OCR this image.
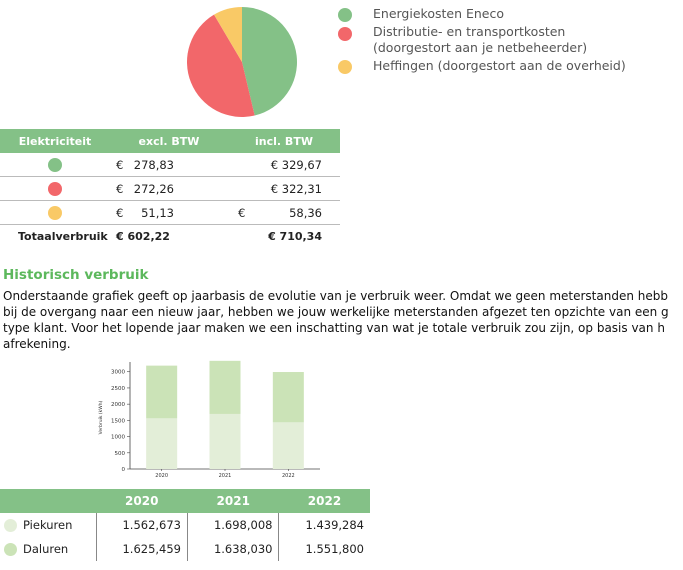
Energiekosten Eneco
Distributie- en transportkosten
(doorgestort aan je netbeheerder)
Heffingen (doorgestort aan de overheid)
Elektriciteit	excl. BTW	incl. BTW
	€ 278,83	€ 329,67
	€ 272,26	€ 322,31
	€ 51,13	€ 58,36
Totaalverbruik	€ 602,22	€ 710,34
Historisch verbruik
Onderstaande grafiek geeft op jaarbasis de evolutie van je verbruik weer. Omdat we geen meterstanden hebb
bij de overgang naar een nieuw jaar, hebben we jouw werkelijke meterstanden afgezet ten opzichte van een g
type klant. Voor het lopende jaar maken we een inschatting van wat je totale verbruik zou zijn, op basis van h
afrekening.
0
500
1000
1500
2000
2500
3000
Verbruik (kWh)
2020	2021	2022
	2020	2021	2022
Piekuren	1.562,673	1.698,008	1.439,284
Daluren	1.625,459	1.638,030	1.551,800
